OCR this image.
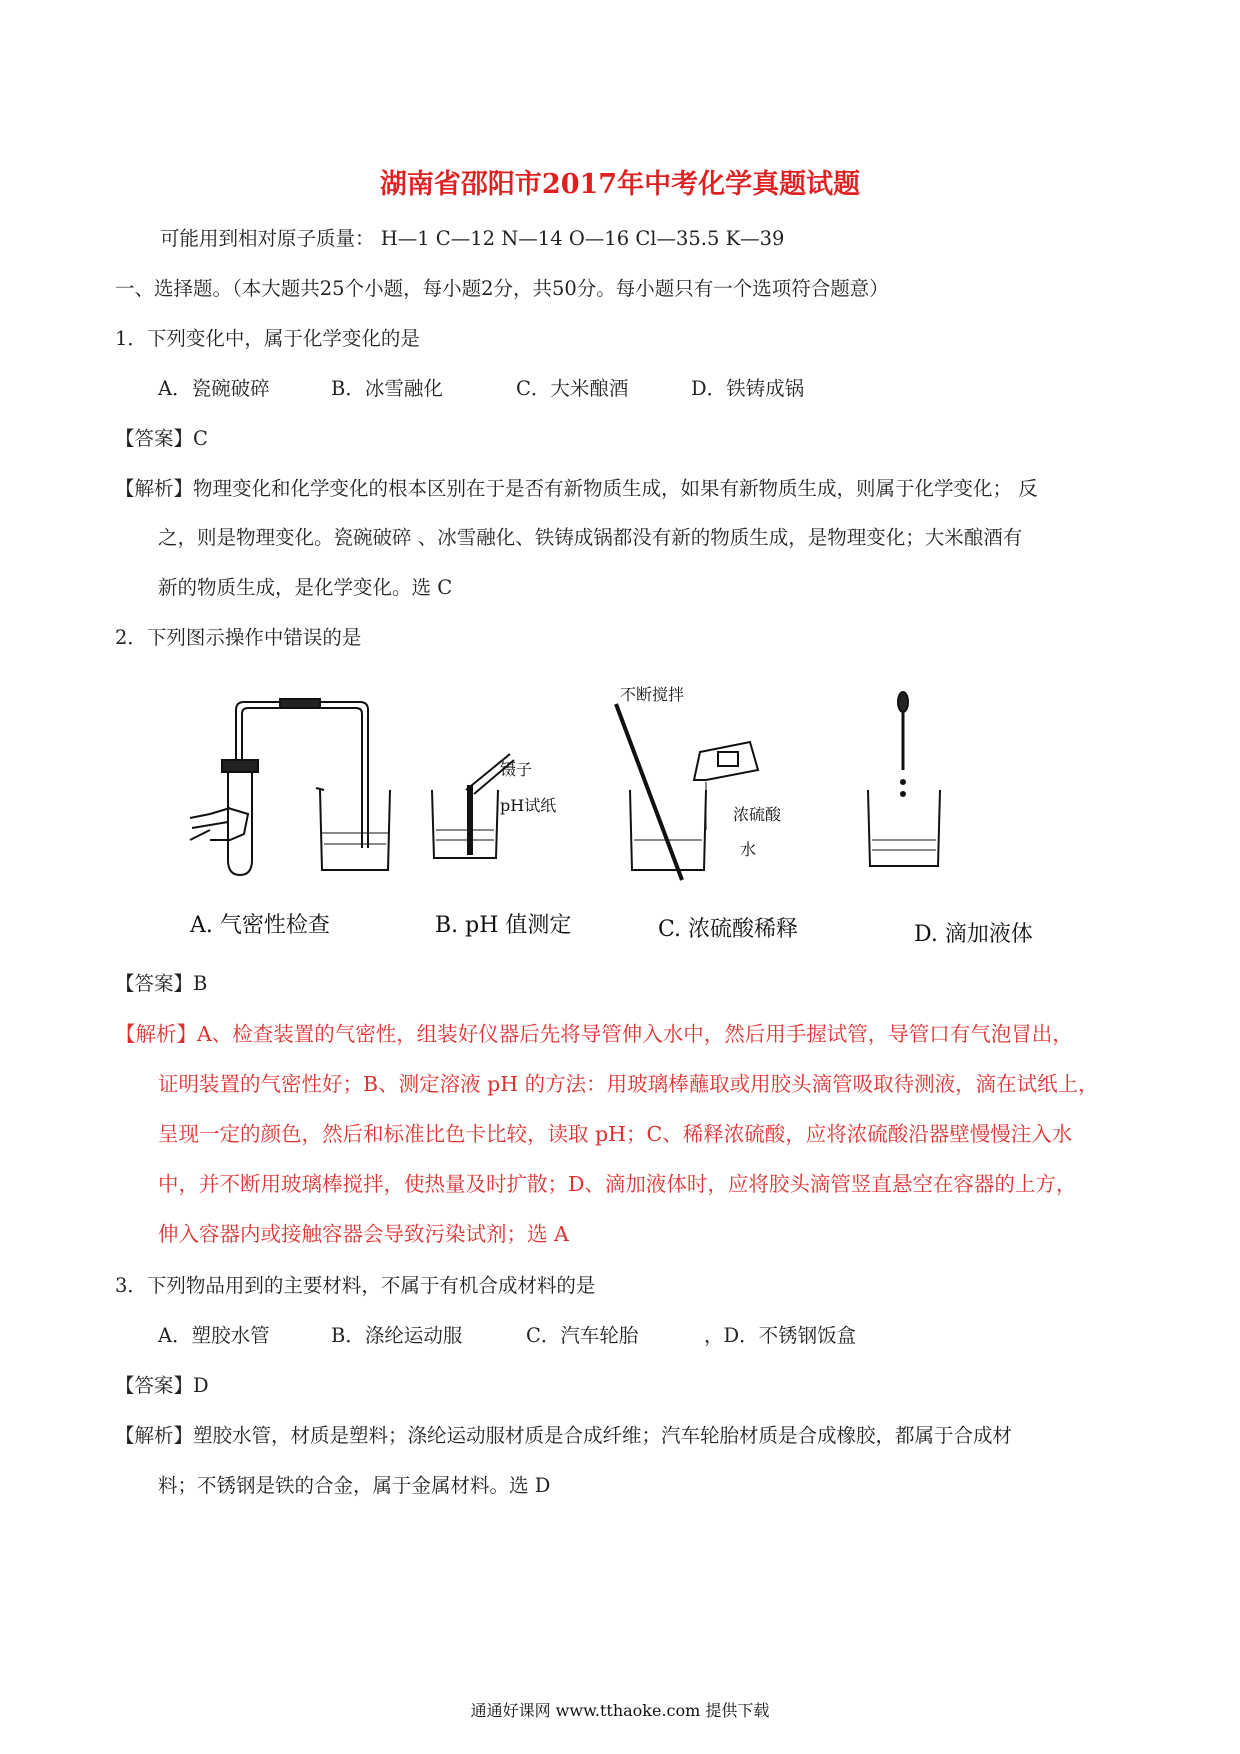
湖南省邵阳市2017年中考化学真题试题
可能用到相对原子质量： H—1 C—12 N—14 O—16 Cl—35.5 K—39
一、选择题。（本大题共25个小题，每小题2分，共50分。每小题只有一个选项符合题意）
1．下列变化中，属于化学变化的是
A．瓷碗破碎	B．冰雪融化	C．大米酿酒	D．铁铸成锅
【答案】C
【解析】物理变化和化学变化的根本区别在于是否有新物质生成，如果有新物质生成，则属于化学变化； 反
之，则是物理变化。瓷碗破碎 、冰雪融化、铁铸成锅都没有新的物质生成，是物理变化；大米酿酒有
新的物质生成，是化学变化。选 C
2．下列图示操作中错误的是
镊子
pH试纸
不断搅拌
浓硫酸
水
A. 气密性检查	B. pH 值测定	C. 浓硫酸稀释	D. 滴加液体
【答案】B
【解析】A、检查装置的气密性，组装好仪器后先将导管伸入水中，然后用手握试管，导管口有气泡冒出，
证明装置的气密性好；B、测定溶液 pH 的方法：用玻璃棒蘸取或用胶头滴管吸取待测液，滴在试纸上，
呈现一定的颜色，然后和标准比色卡比较，读取 pH；C、稀释浓硫酸，应将浓硫酸沿器壁慢慢注入水
中，并不断用玻璃棒搅拌，使热量及时扩散；D、滴加液体时，应将胶头滴管竖直悬空在容器的上方，
伸入容器内或接触容器会导致污染试剂；选 A
3．下列物品用到的主要材料，不属于有机合成材料的是
A．塑胶水管	B．涤纶运动服	C．汽车轮胎	，D．不锈钢饭盒
【答案】D
【解析】塑胶水管，材质是塑料；涤纶运动服材质是合成纤维；汽车轮胎材质是合成橡胶，都属于合成材
料；不锈钢是铁的合金，属于金属材料。选 D
通通好课网 www.tthaoke.com 提供下载
